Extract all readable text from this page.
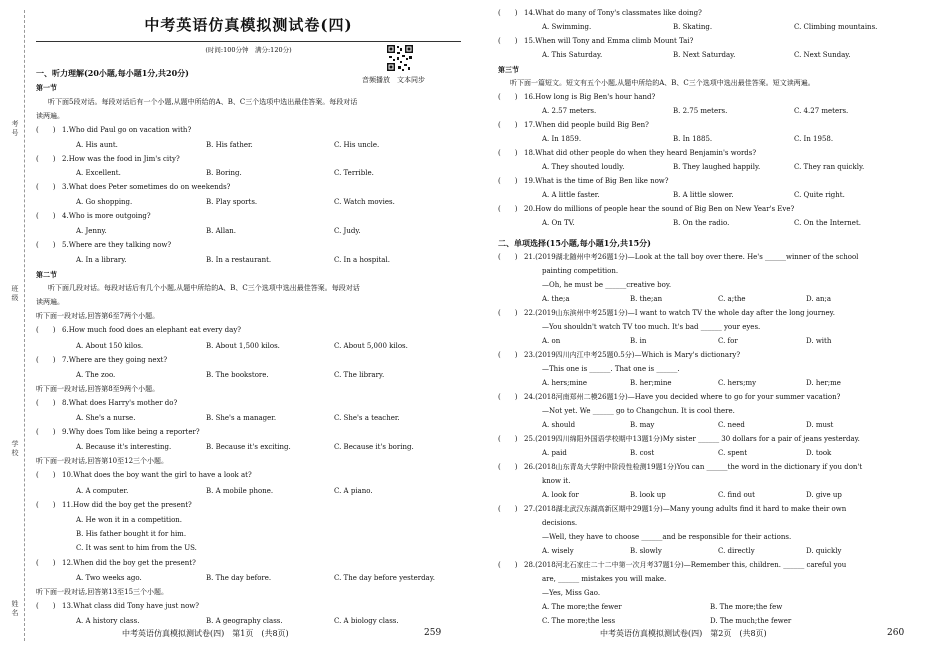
考号
班级
学校
姓名
中考英语仿真模拟测试卷(四)
(时间:100分钟　满分:120分)
音频播放　文本同步
一、听力理解(20小题,每小题1分,共20分)
第一节
听下面5段对话。每段对话后有一个小题,从题中所给的A、B、C三个选项中选出最佳答案。每段对话
读两遍。
(　　) 1.Who did Paul go on vacation with?
A. His aunt.	B. His father.	C. His uncle.
(　　) 2.How was the food in Jim's city?
A. Excellent.	B. Boring.	C. Terrible.
(　　) 3.What does Peter sometimes do on weekends?
A. Go shopping.	B. Play sports.	C. Watch movies.
(　　) 4.Who is more outgoing?
A. Jenny.	B. Allan.	C. Judy.
(　　) 5.Where are they talking now?
A. In a library.	B. In a restaurant.	C. In a hospital.
第二节
听下面几段对话。每段对话后有几个小题,从题中所给的A、B、C三个选项中选出最佳答案。每段对话
读两遍。
听下面一段对话,回答第6至7两个小题。
(　　) 6.How much food does an elephant eat every day?
A. About 150 kilos.	B. About 1,500 kilos.	C. About 5,000 kilos.
(　　) 7.Where are they going next?
A. The zoo.	B. The bookstore.	C. The library.
听下面一段对话,回答第8至9两个小题。
(　　) 8.What does Harry's mother do?
A. She's a nurse.	B. She's a manager.	C. She's a teacher.
(　　) 9.Why does Tom like being a reporter?
A. Because it's interesting.	B. Because it's exciting.	C. Because it's boring.
听下面一段对话,回答第10至12三个小题。
(　　) 10.What does the boy want the girl to have a look at?
A. A computer.	B. A mobile phone.	C. A piano.
(　　) 11.How did the boy get the present?
A. He won it in a competition.
B. His father bought it for him.
C. It was sent to him from the US.
(　　) 12.When did the boy get the present?
A. Two weeks ago.	B. The day before.	C. The day before yesterday.
听下面一段对话,回答第13至15三个小题。
(　　) 13.What class did Tony have just now?
A. A history class.	B. A geography class.	C. A biology class.
中考英语仿真模拟测试卷(四)　第1页　(共8页)	259
(　　) 14.What do many of Tony's classmates like doing?
A. Swimming.	B. Skating.	C. Climbing mountains.
(　　) 15.When will Tony and Emma climb Mount Tai?
A. This Saturday.	B. Next Saturday.	C. Next Sunday.
第三节
听下面一篇短文。短文有五个小题,从题中所给的A、B、C三个选项中选出最佳答案。短文读两遍。
(　　) 16.How long is Big Ben's hour hand?
A. 2.57 meters.	B. 2.75 meters.	C. 4.27 meters.
(　　) 17.When did people build Big Ben?
A. In 1859.	B. In 1885.	C. In 1958.
(　　) 18.What did other people do when they heard Benjamin's words?
A. They shouted loudly.	B. They laughed happily.	C. They ran quickly.
(　　) 19.What is the time of Big Ben like now?
A. A little faster.	B. A little slower.	C. Quite right.
(　　) 20.How do millions of people hear the sound of Big Ben on New Year's Eve?
A. On TV.	B. On the radio.	C. On the Internet.
二、单项选择(15小题,每小题1分,共15分)
(　　) 21.(2019湖北随州中考26题1分)—Look at the tall boy over there. He's ______winner of the school
painting competition.
—Oh, he must be ______creative boy.
A. the;a	B. the;an	C. a;the	D. an;a
(　　) 22.(2019山东滨州中考25题1分)—I want to watch TV the whole day after the long journey.
—You shouldn't watch TV too much. It's bad ______ your eyes.
A. on	B. in	C. for	D. with
(　　) 23.(2019四川内江中考25题0.5分)—Which is Mary's dictionary?
—This one is ______. That one is ______.
A. hers;mine	B. her;mine	C. hers;my	D. her;me
(　　) 24.(2018河南郑州二模26题1分)—Have you decided where to go for your summer vacation?
—Not yet. We ______ go to Changchun. It is cool there.
A. should	B. may	C. need	D. must
(　　) 25.(2019四川绵阳外国语学校期中13题1分)My sister ______ 30 dollars for a pair of jeans yesterday.
A. paid	B. cost	C. spent	D. took
(　　) 26.(2018山东青岛大学附中阶段性检测19题1分)You can ______the word in the dictionary if you don't
know it.
A. look for	B. look up	C. find out	D. give up
(　　) 27.(2018湖北武汉东湖高新区期中29题1分)—Many young adults find it hard to make their own
decisions.
—Well, they have to choose ______and be responsible for their actions.
A. wisely	B. slowly	C. directly	D. quickly
(　　) 28.(2018河北石家庄二十二中第一次月考37题1分)—Remember this, children. ______ careful you
are, ______ mistakes you will make.
—Yes, Miss Gao.
A. The more;the fewer	B. The more;the few
C. The more;the less	D. The much;the fewer
中考英语仿真模拟测试卷(四)　第2页　(共8页)	260
